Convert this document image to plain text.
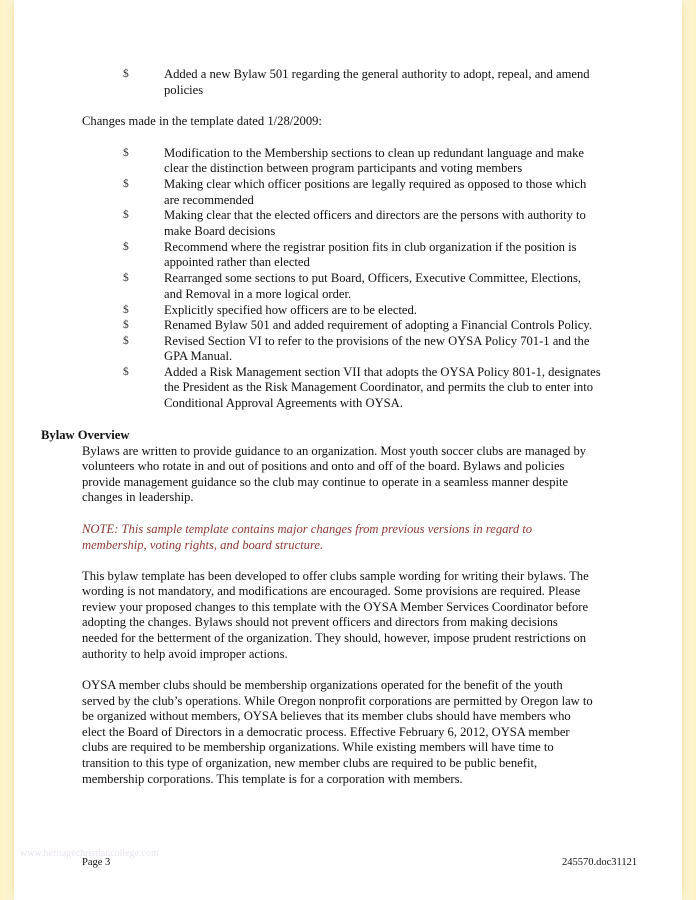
$	Added a new Bylaw 501 regarding the general authority to adopt, repeal, and amend
policies
Changes made in the template dated 1/28/2009:
$	Modification to the Membership sections to clean up redundant language and make
clear the distinction between program participants and voting members
$	Making clear which officer positions are legally required as opposed to those which
are recommended
$	Making clear that the elected officers and directors are the persons with authority to
make Board decisions
$	Recommend where the registrar position fits in club organization if the position is
appointed rather than elected
$	Rearranged some sections to put Board, Officers, Executive Committee, Elections,
and Removal in a more logical order.
$	Explicitly specified how officers are to be elected.
$	Renamed Bylaw 501 and added requirement of adopting a Financial Controls Policy.
$	Revised Section VI to refer to the provisions of the new OYSA Policy 701-1 and the
GPA Manual.
$	Added a Risk Management section VII that adopts the OYSA Policy 801-1, designates
the President as the Risk Management Coordinator, and permits the club to enter into
Conditional Approval Agreements with OYSA.
Bylaw Overview
Bylaws are written to provide guidance to an organization. Most youth soccer clubs are managed by
volunteers who rotate in and out of positions and onto and off of the board. Bylaws and policies
provide management guidance so the club may continue to operate in a seamless manner despite
changes in leadership.
NOTE: This sample template contains major changes from previous versions in regard to
membership, voting rights, and board structure.
This bylaw template has been developed to offer clubs sample wording for writing their bylaws. The
wording is not mandatory, and modifications are encouraged. Some provisions are required. Please
review your proposed changes to this template with the OYSA Member Services Coordinator before
adopting the changes. Bylaws should not prevent officers and directors from making decisions
needed for the betterment of the organization. They should, however, impose prudent restrictions on
authority to help avoid improper actions.
OYSA member clubs should be membership organizations operated for the benefit of the youth
served by the club’s operations. While Oregon nonprofit corporations are permitted by Oregon law to
be organized without members, OYSA believes that its member clubs should have members who
elect the Board of Directors in a democratic process. Effective February 6, 2012, OYSA member
clubs are required to be membership organizations. While existing members will have time to
transition to this type of organization, new member clubs are required to be public benefit,
membership corporations. This template is for a corporation with members.
www.heritagechristiancollege.com
Page 3	245570.doc31121
